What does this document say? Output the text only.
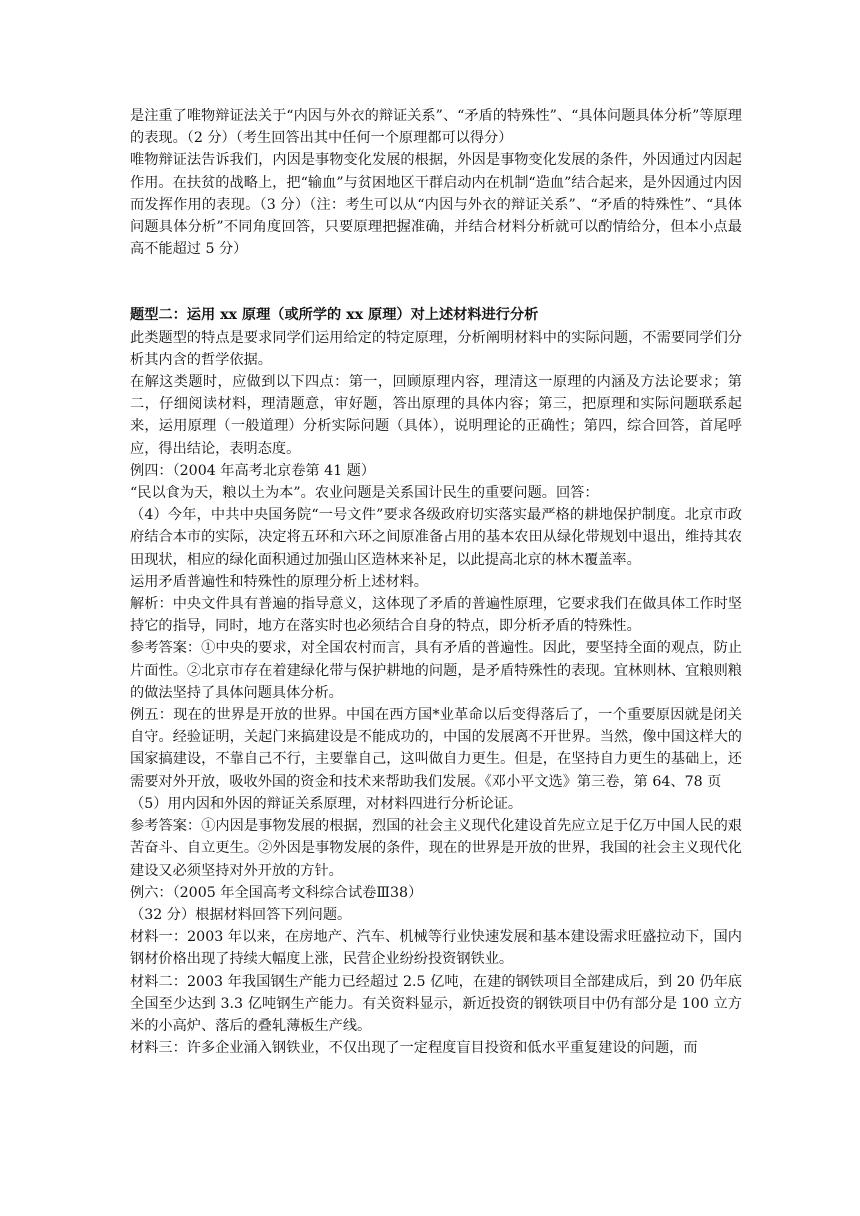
是注重了唯物辩证法关于“内因与外衣的辩证关系”、“矛盾的特殊性”、“具体问题具体分析”等原理的表现。（2 分）（考生回答出其中任何一个原理都可以得分）

唯物辩证法告诉我们，内因是事物变化发展的根据，外因是事物变化发展的条件，外因通过内因起作用。在扶贫的战略上，把“输血”与贫困地区干群启动内在机制“造血”结合起来，是外因通过内因而发挥作用的表现。（3 分）（注：考生可以从“内因与外衣的辩证关系”、“矛盾的特殊性”、“具体问题具体分析”不同角度回答，只要原理把握准确，并结合材料分析就可以酌情给分，但本小点最高不能超过 5 分）

题型二：运用 xx 原理（或所学的 xx 原理）对上述材料进行分析

此类题型的特点是要求同学们运用给定的特定原理，分析阐明材料中的实际问题，不需要同学们分析其内含的哲学依据。

在解这类题时，应做到以下四点：第一，回顾原理内容，理清这一原理的内涵及方法论要求；第二，仔细阅读材料，理清题意，审好题，答出原理的具体内容；第三，把原理和实际问题联系起来，运用原理（一般道理）分析实际问题（具体），说明理论的正确性；第四，综合回答，首尾呼应，得出结论，表明态度。

例四：（2004 年高考北京卷第 41 题）

“民以食为天，粮以土为本”。农业问题是关系国计民生的重要问题。回答：

（4）今年，中共中央国务院“一号文件”要求各级政府切实落实最严格的耕地保护制度。北京市政府结合本市的实际，决定将五环和六环之间原准备占用的基本农田从绿化带规划中退出，维持其农田现状，相应的绿化面积通过加强山区造林来补足，以此提高北京的林木覆盖率。

运用矛盾普遍性和特殊性的原理分析上述材料。

解析：中央文件具有普遍的指导意义，这体现了矛盾的普遍性原理，它要求我们在做具体工作时坚持它的指导，同时，地方在落实时也必须结合自身的特点，即分析矛盾的特殊性。

参考答案：①中央的要求，对全国农村而言，具有矛盾的普遍性。因此，要坚持全面的观点，防止片面性。②北京市存在着建绿化带与保护耕地的问题，是矛盾特殊性的表现。宜林则林、宜粮则粮的做法坚持了具体问题具体分析。

例五：现在的世界是开放的世界。中国在西方国*业革命以后变得落后了，一个重要原因就是闭关自守。经验证明，关起门来搞建设是不能成功的，中国的发展离不开世界。当然，像中国这样大的国家搞建设，不靠自己不行，主要靠自己，这叫做自力更生。但是，在坚持自力更生的基础上，还需要对外开放，吸收外国的资金和技术来帮助我们发展。《邓小平文选》第三卷，第 64、78 页

（5）用内因和外因的辩证关系原理，对材料四进行分析论证。

参考答案：①内因是事物发展的根据，烈国的社会主义现代化建设首先应立足于亿万中国人民的艰苦奋斗、自立更生。②外因是事物发展的条件，现在的世界是开放的世界，我国的社会主义现代化建设又必须坚持对外开放的方针。

例六：（2005 年全国高考文科综合试卷Ⅲ38）

（32 分）根据材料回答下列问题。

材料一：2003 年以来，在房地产、汽车、机械等行业快速发展和基本建设需求旺盛拉动下，国内钢材价格出现了持续大幅度上涨，民营企业纷纷投资钢铁业。

材料二：2003 年我国钢生产能力已经超过 2.5 亿吨，在建的钢铁项目全部建成后，到 20 仍年底全国至少达到 3.3 亿吨钢生产能力。有关资料显示，新近投资的钢铁项目中仍有部分是 100 立方米的小高炉、落后的叠轧薄板生产线。

材料三：许多企业涌入钢铁业，不仅出现了一定程度盲目投资和低水平重复建设的问题，而
